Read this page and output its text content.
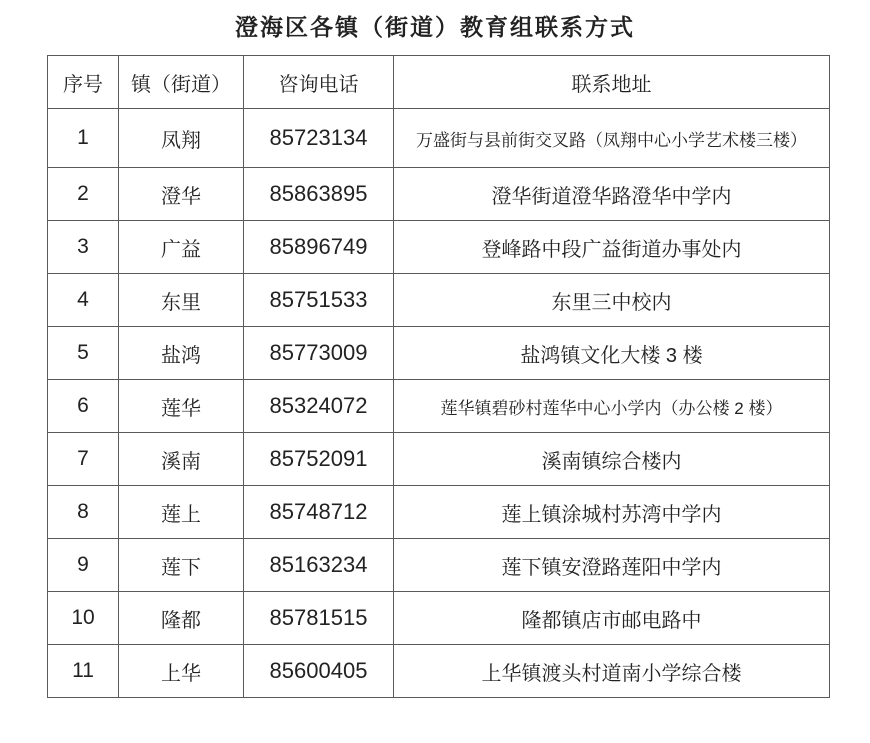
澄海区各镇（街道）教育组联系方式
序号	镇（街道）	咨询电话	联系地址
1	凤翔	85723134	万盛街与县前街交叉路（凤翔中心小学艺术楼三楼）
2	澄华	85863895	澄华街道澄华路澄华中学内
3	广益	85896749	登峰路中段广益街道办事处内
4	东里	85751533	东里三中校内
5	盐鸿	85773009	盐鸿镇文化大楼 3 楼
6	莲华	85324072	莲华镇碧砂村莲华中心小学内（办公楼 2 楼）
7	溪南	85752091	溪南镇综合楼内
8	莲上	85748712	莲上镇涂城村苏湾中学内
9	莲下	85163234	莲下镇安澄路莲阳中学内
10	隆都	85781515	隆都镇店市邮电路中
11	上华	85600405	上华镇渡头村道南小学综合楼
